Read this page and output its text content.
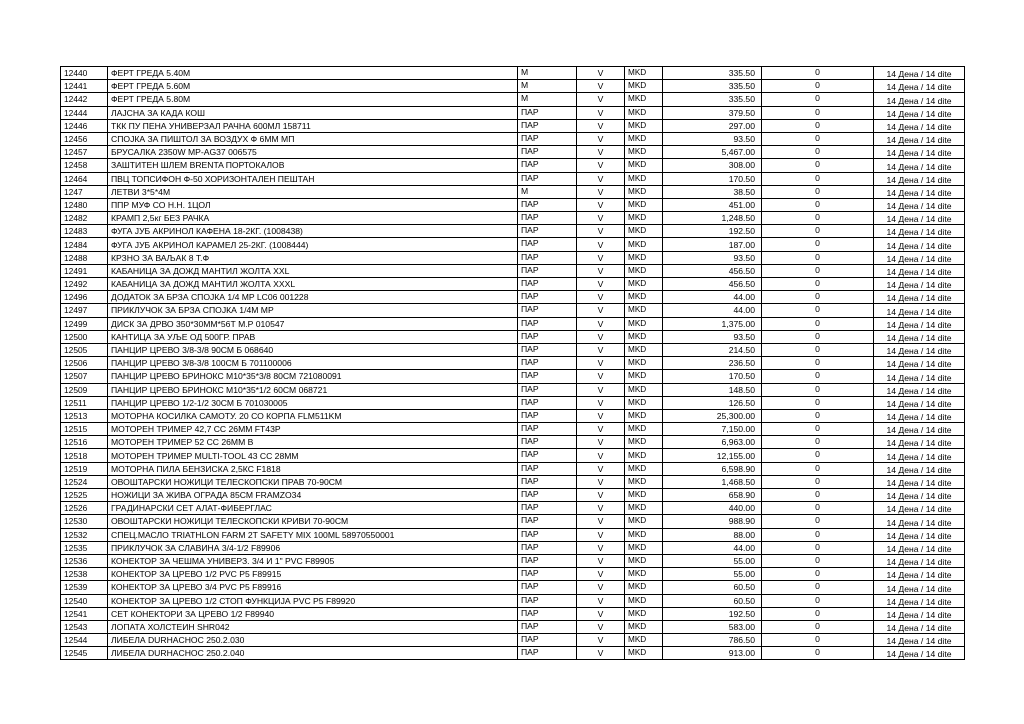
12440	ФЕРТ ГРЕДА 5.40М	М	V	MKD	335.50	0	14 Дена / 14 dite
12441	ФЕРТ ГРЕДА 5.60М	М	V	MKD	335.50	0	14 Дена / 14 dite
12442	ФЕРТ ГРЕДА 5.80М	М	V	MKD	335.50	0	14 Дена / 14 dite
12444	ЛАЈСНА ЗА КАДА КОШ	ПАР	V	MKD	379.50	0	14 Дена / 14 dite
12446	ТКК ПУ ПЕНА УНИВЕРЗАЛ РАЧНА 600МЛ 158711	ПАР	V	MKD	297.00	0	14 Дена / 14 dite
12456	СПОЈКА ЗА ПИШТОЛ ЗА ВОЗДУХ Ф 6ММ МП	ПАР	V	MKD	93.50	0	14 Дена / 14 dite
12457	БРУСАЛКА 2350W MP-AG37 006575	ПАР	V	MKD	5,467.00	0	14 Дена / 14 dite
12458	ЗАШТИТЕН ШЛЕМ BRENTA ПОРТОКАЛОВ	ПАР	V	MKD	308.00	0	14 Дена / 14 dite
12464	ПВЦ ТОПСИФОН Ф-50 ХОРИЗОНТАЛЕН ПЕШТАН	ПАР	V	MKD	170.50	0	14 Дена / 14 dite
1247	ЛЕТВИ 3*5*4М	М	V	MKD	38.50	0	14 Дена / 14 dite
12480	ППР МУФ СО Н.Н. 1ЦОЛ	ПАР	V	MKD	451.00	0	14 Дена / 14 dite
12482	КРАМП 2,5кг БЕЗ РАЧКА	ПАР	V	MKD	1,248.50	0	14 Дена / 14 dite
12483	ФУГА ЈУБ АКРИНОЛ КАФЕНА 18-2КГ. (1008438)	ПАР	V	MKD	192.50	0	14 Дена / 14 dite
12484	ФУГА ЈУБ АКРИНОЛ КАРАМЕЛ 25-2КГ. (1008444)	ПАР	V	MKD	187.00	0	14 Дена / 14 dite
12488	КРЗНО ЗА ВАЉАК 8 Т.Ф	ПАР	V	MKD	93.50	0	14 Дена / 14 dite
12491	КАБАНИЦА ЗА ДОЖД МАНТИЛ ЖОЛТА XXL	ПАР	V	MKD	456.50	0	14 Дена / 14 dite
12492	КАБАНИЦА ЗА ДОЖД МАНТИЛ ЖОЛТА XXXL	ПАР	V	MKD	456.50	0	14 Дена / 14 dite
12496	ДОДАТОК ЗА БРЗА СПОЈКА 1/4 MP LC06 001228	ПАР	V	MKD	44.00	0	14 Дена / 14 dite
12497	ПРИКЛУЧОК ЗА БРЗА СПОЈКА 1/4М MP	ПАР	V	MKD	44.00	0	14 Дена / 14 dite
12499	ДИСК ЗА ДРВО 350*30ММ*56Т М.Р 010547	ПАР	V	MKD	1,375.00	0	14 Дена / 14 dite
12500	КАНТИЦА ЗА УЉЕ ОД 500ГР. ПРАВ	ПАР	V	MKD	93.50	0	14 Дена / 14 dite
12505	ПАНЦИР ЦРЕВО 3/8-3/8 90СМ Б 068640	ПАР	V	MKD	214.50	0	14 Дена / 14 dite
12506	ПАНЦИР ЦРЕВО 3/8-3/8 100СМ Б 701100006	ПАР	V	MKD	236.50	0	14 Дена / 14 dite
12507	ПАНЦИР ЦРЕВО БРИНОКС М10*35*3/8 80СМ 721080091	ПАР	V	MKD	170.50	0	14 Дена / 14 dite
12509	ПАНЦИР ЦРЕВО БРИНОКС М10*35*1/2 60СМ 068721	ПАР	V	MKD	148.50	0	14 Дена / 14 dite
12511	ПАНЦИР ЦРЕВО 1/2-1/2 30СМ Б 701030005	ПАР	V	MKD	126.50	0	14 Дена / 14 dite
12513	МОТОРНА КОСИЛКА САМОТУ. 20 СО КОРПА FLM511KM	ПАР	V	MKD	25,300.00	0	14 Дена / 14 dite
12515	МОТОРЕН ТРИМЕР 42,7 СС 26ММ FT43P	ПАР	V	MKD	7,150.00	0	14 Дена / 14 dite
12516	МОТОРЕН ТРИМЕР 52 СС 26ММ B	ПАР	V	MKD	6,963.00	0	14 Дена / 14 dite
12518	МОТОРЕН ТРИМЕР MULTI-TOOL 43 СС 28ММ	ПАР	V	MKD	12,155.00	0	14 Дена / 14 dite
12519	МОТОРНА ПИЛА БЕНЗИСКА 2,5КС F1818	ПАР	V	MKD	6,598.90	0	14 Дена / 14 dite
12524	ОВОШТАРСКИ НОЖИЦИ ТЕЛЕСКОПСКИ ПРАВ 70-90СМ	ПАР	V	MKD	1,468.50	0	14 Дена / 14 dite
12525	НОЖИЦИ ЗА ЖИВА ОГРАДА 85СМ FRAMZO34	ПАР	V	MKD	658.90	0	14 Дена / 14 dite
12526	ГРАДИНАРСКИ СЕТ АЛАТ-ФИБЕРГЛАС	ПАР	V	MKD	440.00	0	14 Дена / 14 dite
12530	ОВОШТАРСКИ НОЖИЦИ ТЕЛЕСКОПСКИ КРИВИ 70-90СМ	ПАР	V	MKD	988.90	0	14 Дена / 14 dite
12532	СПЕЦ.МАСЛО TRIATHLON FARM 2T SAFETY MIX 100ML 58970550001	ПАР	V	MKD	88.00	0	14 Дена / 14 dite
12535	ПРИКЛУЧОК ЗА СЛАВИНА 3/4-1/2 F89906	ПАР	V	MKD	44.00	0	14 Дена / 14 dite
12536	КОНЕКТОР ЗА ЧЕШМА УНИВЕРЗ. 3/4 И 1" PVC F89905	ПАР	V	MKD	55.00	0	14 Дена / 14 dite
12538	КОНЕКТОР ЗА ЦРЕВО 1/2 PVC P5 F89915	ПАР	V	MKD	55.00	0	14 Дена / 14 dite
12539	КОНЕКТОР ЗА ЦРЕВО 3/4 PVC P5 F89916	ПАР	V	MKD	60.50	0	14 Дена / 14 dite
12540	КОНЕКТОР ЗА ЦРЕВО 1/2 СТОП ФУНКЦИЈА PVC P5 F89920	ПАР	V	MKD	60.50	0	14 Дена / 14 dite
12541	СЕТ КОНЕКТОРИ ЗА ЦРЕВО 1/2 F89940	ПАР	V	MKD	192.50	0	14 Дена / 14 dite
12543	ЛОПАТА ХОЛСТЕИН SHR042	ПАР	V	MKD	583.00	0	14 Дена / 14 dite
12544	ЛИБЕЛА DURHACHOC 250.2.030	ПАР	V	MKD	786.50	0	14 Дена / 14 dite
12545	ЛИБЕЛА DURHACHOC 250.2.040	ПАР	V	MKD	913.00	0	14 Дена / 14 dite
